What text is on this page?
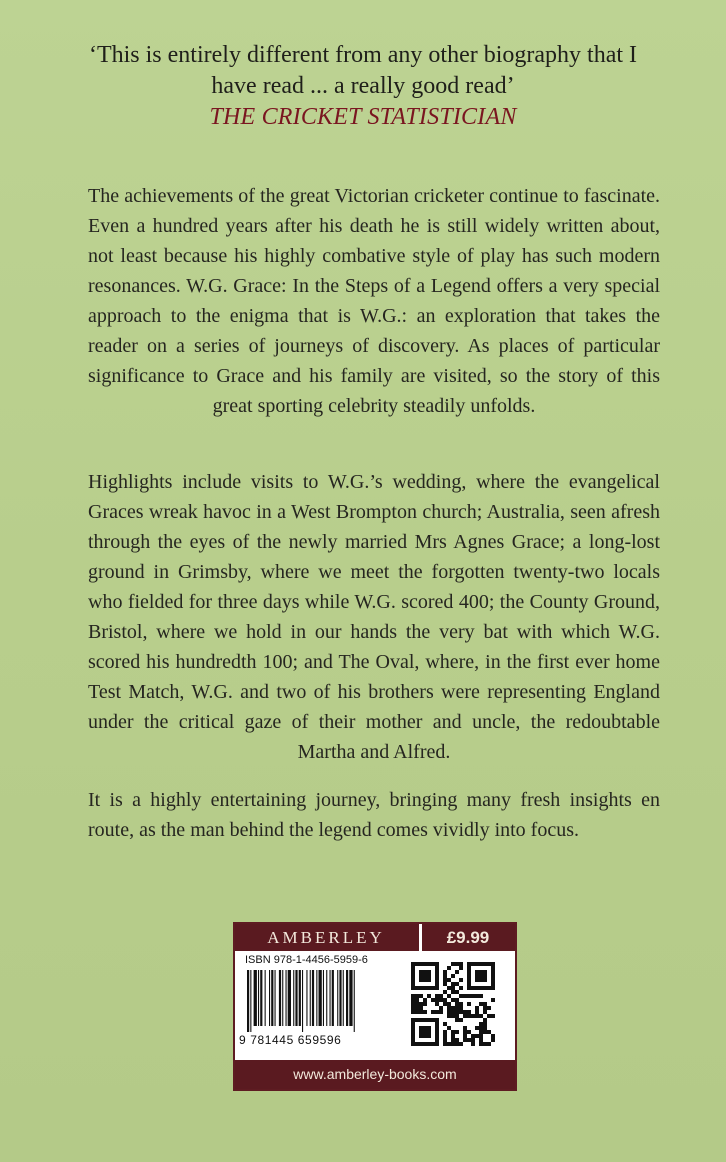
‘This is entirely different from any other biography that I
have read ... a really good read’
THE CRICKET STATISTICIAN
The achievements of the great Victorian cricketer continue to fascinate. Even a hundred years after his death he is still widely written about, not least because his highly combative style of play has such modern resonances. W.G. Grace: In the Steps of a Legend offers a very special approach to the enigma that is W.G.: an exploration that takes the reader on a series of journeys of discovery. As places of particular significance to Grace and his family are visited, so the story of this great sporting celebrity steadily unfolds.
Highlights include visits to W.G.’s wedding, where the evangelical Graces wreak havoc in a West Brompton church; Australia, seen afresh through the eyes of the newly married Mrs Agnes Grace; a long-lost ground in Grimsby, where we meet the forgotten twenty-two locals who fielded for three days while W.G. scored 400; the County Ground, Bristol, where we hold in our hands the very bat with which W.G. scored his hundredth 100; and The Oval, where, in the first ever home Test Match, W.G. and two of his brothers were representing England under the critical gaze of their mother and uncle, the redoubtable Martha and Alfred.
It is a highly entertaining journey, bringing many fresh insights en route, as the man behind the legend comes vividly into focus.
AMBERLEY	£9.99
ISBN 978-1-4456-5959-6
9 781445 659596
www.amberley-books.com
